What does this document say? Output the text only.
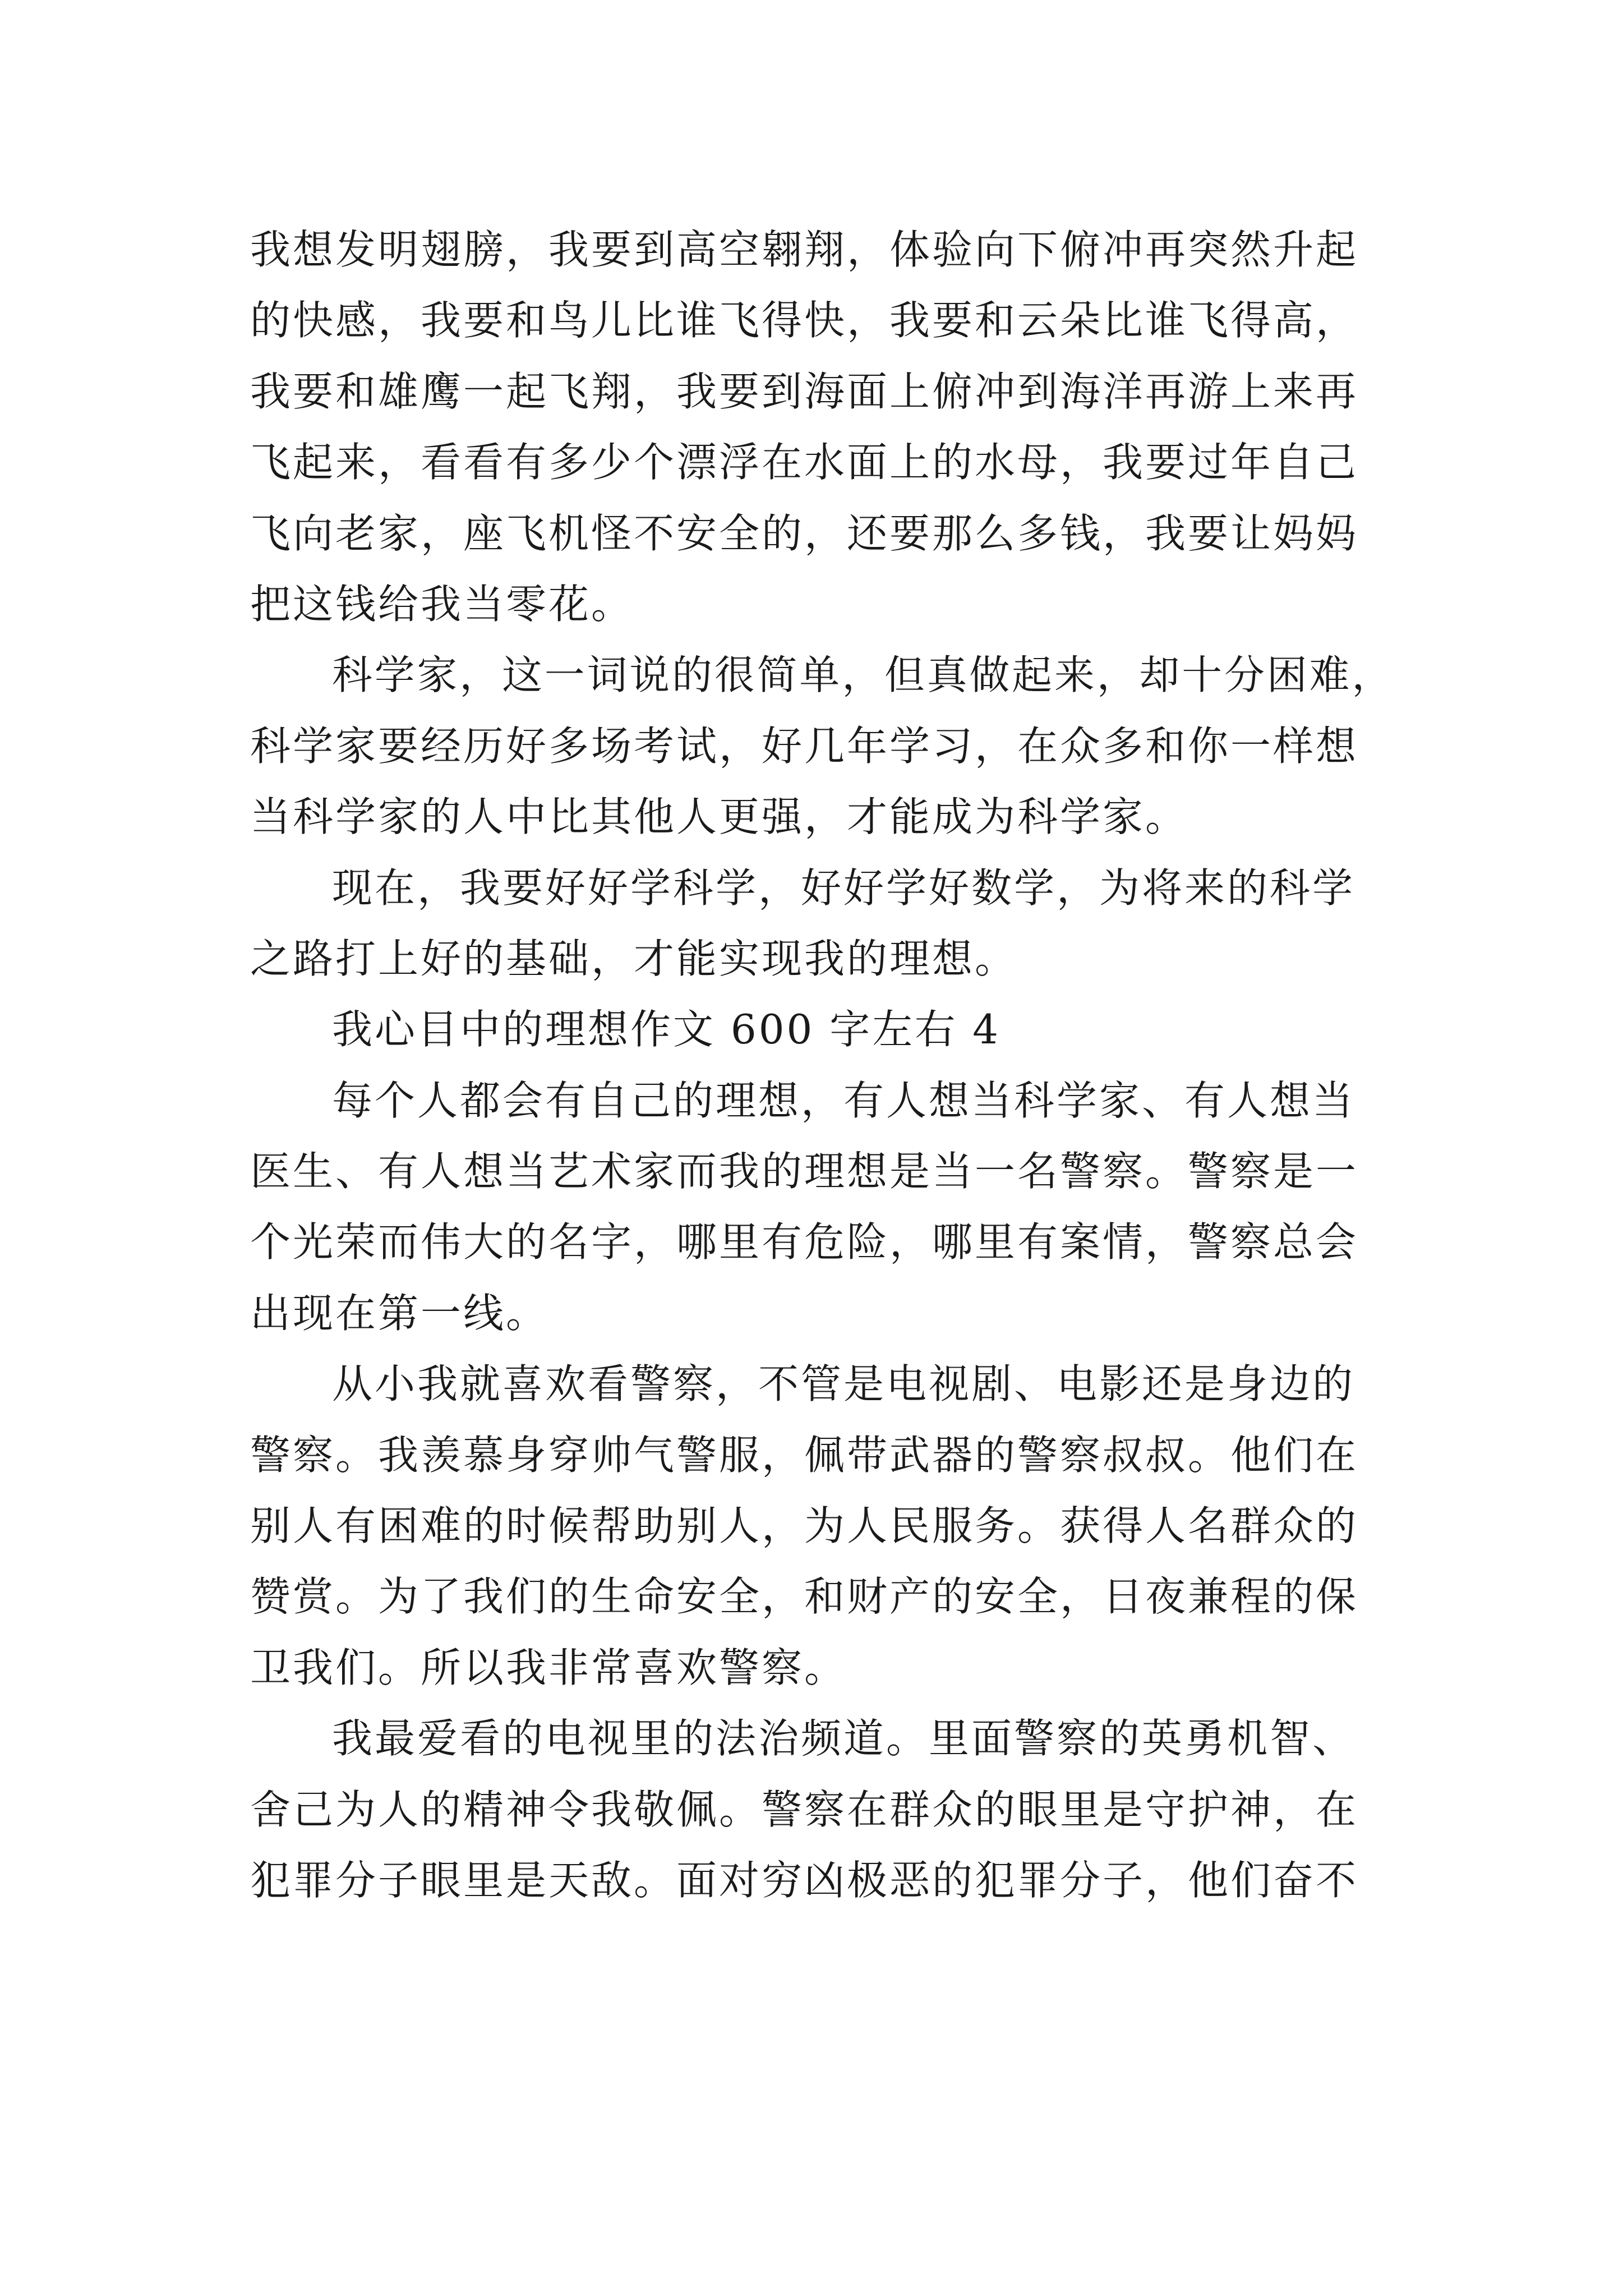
我想发明翅膀，我要到高空翱翔，体验向下俯冲再突然升起
的快感，我要和鸟儿比谁飞得快，我要和云朵比谁飞得高，
我要和雄鹰一起飞翔，我要到海面上俯冲到海洋再游上来再
飞起来，看看有多少个漂浮在水面上的水母，我要过年自己
飞向老家，座飞机怪不安全的，还要那么多钱，我要让妈妈
把这钱给我当零花。
科学家，这一词说的很简单，但真做起来，却十分困难，
科学家要经历好多场考试，好几年学习，在众多和你一样想
当科学家的人中比其他人更强，才能成为科学家。
现在，我要好好学科学，好好学好数学，为将来的科学
之路打上好的基础，才能实现我的理想。
我心目中的理想作文 600 字左右 4
每个人都会有自己的理想，有人想当科学家、有人想当
医生、有人想当艺术家而我的理想是当一名警察。警察是一
个光荣而伟大的名字，哪里有危险，哪里有案情，警察总会
出现在第一线。
从小我就喜欢看警察，不管是电视剧、电影还是身边的
警察。我羡慕身穿帅气警服，佩带武器的警察叔叔。他们在
别人有困难的时候帮助别人，为人民服务。获得人名群众的
赞赏。为了我们的生命安全，和财产的安全，日夜兼程的保
卫我们。所以我非常喜欢警察。
我最爱看的电视里的法治频道。里面警察的英勇机智、
舍己为人的精神令我敬佩。警察在群众的眼里是守护神，在
犯罪分子眼里是天敌。面对穷凶极恶的犯罪分子，他们奋不
